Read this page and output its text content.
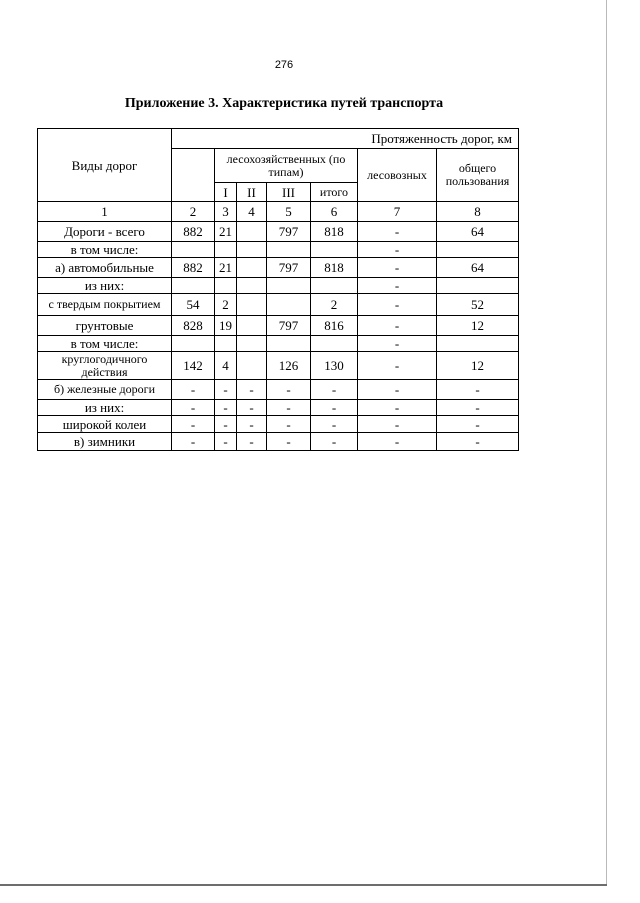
276
Приложение 3. Характеристика путей транспорта
Виды дорог	Протяженность дорог, км						
		лесохозяйственных (по типам)				лесовозных	общего пользования
		I	II	III	итого		
1	2	3	4	5	6	7	8
Дороги - всего	882	21		797	818	-	64
в том числе:						-	
а) автомобильные	882	21		797	818	-	64
из них:						-	
с твердым покрытием	54	2			2	-	52
грунтовые	828	19		797	816	-	12
в том числе:						-	
круглогодичного действия	142	4		126	130	-	12
б) железные дороги	-	-	-	-	-	-	-
из них:	-	-	-	-	-	-	-
широкой колеи	-	-	-	-	-	-	-
в) зимники	-	-	-	-	-	-	-
